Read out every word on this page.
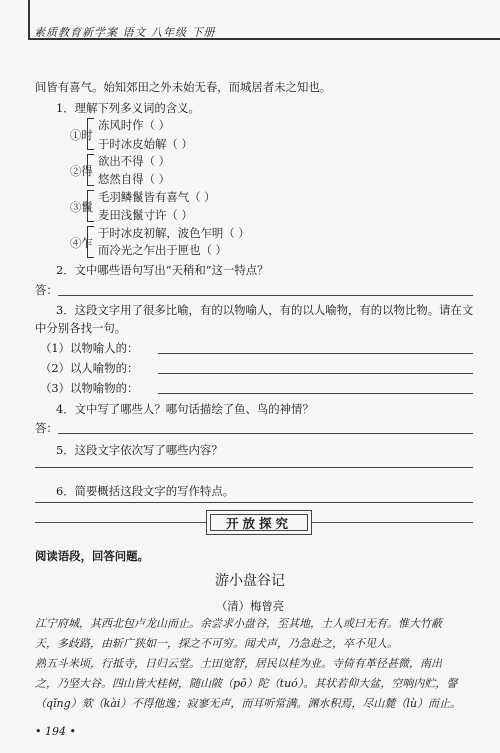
素质教育新学案 语文 八年级 下册
间皆有喜气。始知郊田之外未始无春，而城居者未之知也。
1．理解下列多义词的含义。
①时
冻风时作（ ）
于时冰皮始解（ ）
②得
欲出不得（ ）
悠然自得（ ）
③鬣
毛羽鳞鬣皆有喜气（ ）
麦田浅鬣寸许（ ）
④乍
于时冰皮初解，波色乍明（ ）
而冷光之乍出于匣也（ ）
2．文中哪些语句写出“天稍和”这一特点？
答：
3．这段文字用了很多比喻，有的以物喻人，有的以人喻物，有的以物比物。请在文
中分别各找一句。
（1）以物喻人的：
（2）以人喻物的：
（3）以物喻物的：
4．文中写了哪些人？哪句话描绘了鱼、鸟的神情？
答：
5．这段文字依次写了哪些内容？
6．简要概括这段文字的写作特点。
开放探究
阅读语段，回答问题。
游小盘谷记
（清）梅曾亮
江宁府城，其西北包卢龙山而止。余尝求小盘谷，至其地，土人或曰无有。惟大竹蔽
天，多歧路，由斩广狭如一，探之不可穷。闻犬声，乃急赴之，卒不见人。
熟五斗米顷，行抵寺，日归云堂。土田宽舒，居民以桂为业。寺倚有革径甚微，南出
之，乃坚大谷。四山皆大桂树，随山陂（pō）陀（tuó）。其状若仰大盆，空响内贮，謦
（qǐng）欬（kài）不得他逸；寂寥无声，而耳听常满。渊水积焉，尽山麓（lù）而止。
• 194 •
